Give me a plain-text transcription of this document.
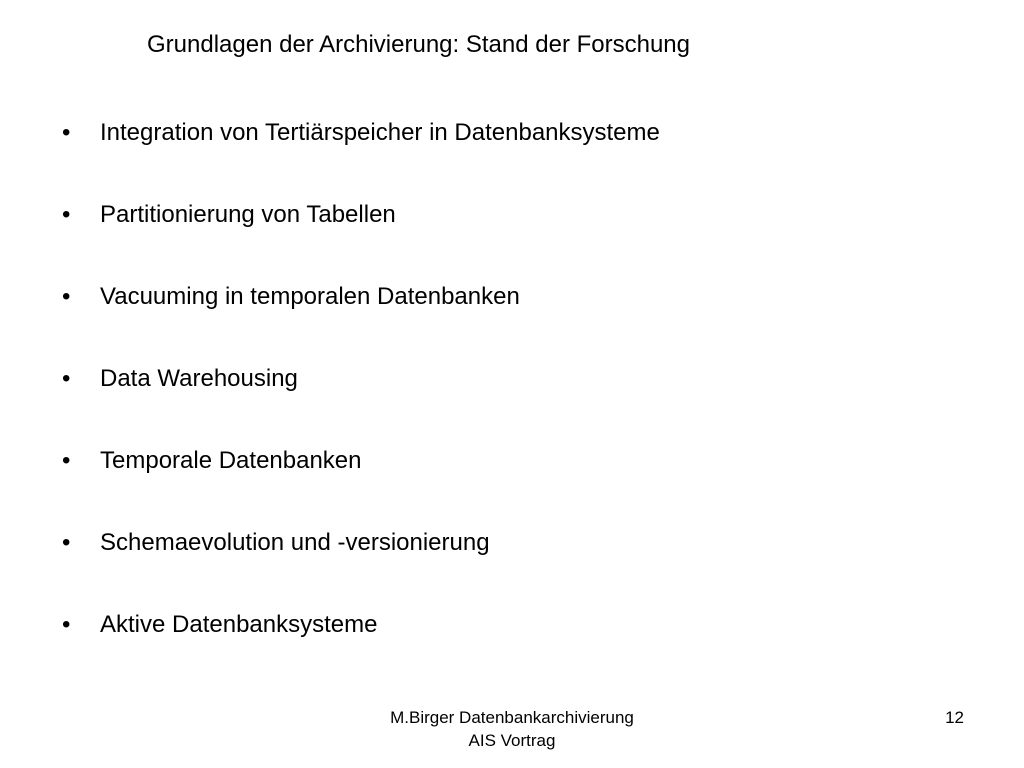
Grundlagen der Archivierung: Stand der Forschung
•	Integration von Tertiärspeicher in Datenbanksysteme
•	Partitionierung von Tabellen
•	Vacuuming in temporalen Datenbanken
•	Data Warehousing
•	Temporale Datenbanken
•	Schemaevolution und -versionierung
•	Aktive Datenbanksysteme
M.Birger Datenbankarchivierung
AIS Vortrag
12
